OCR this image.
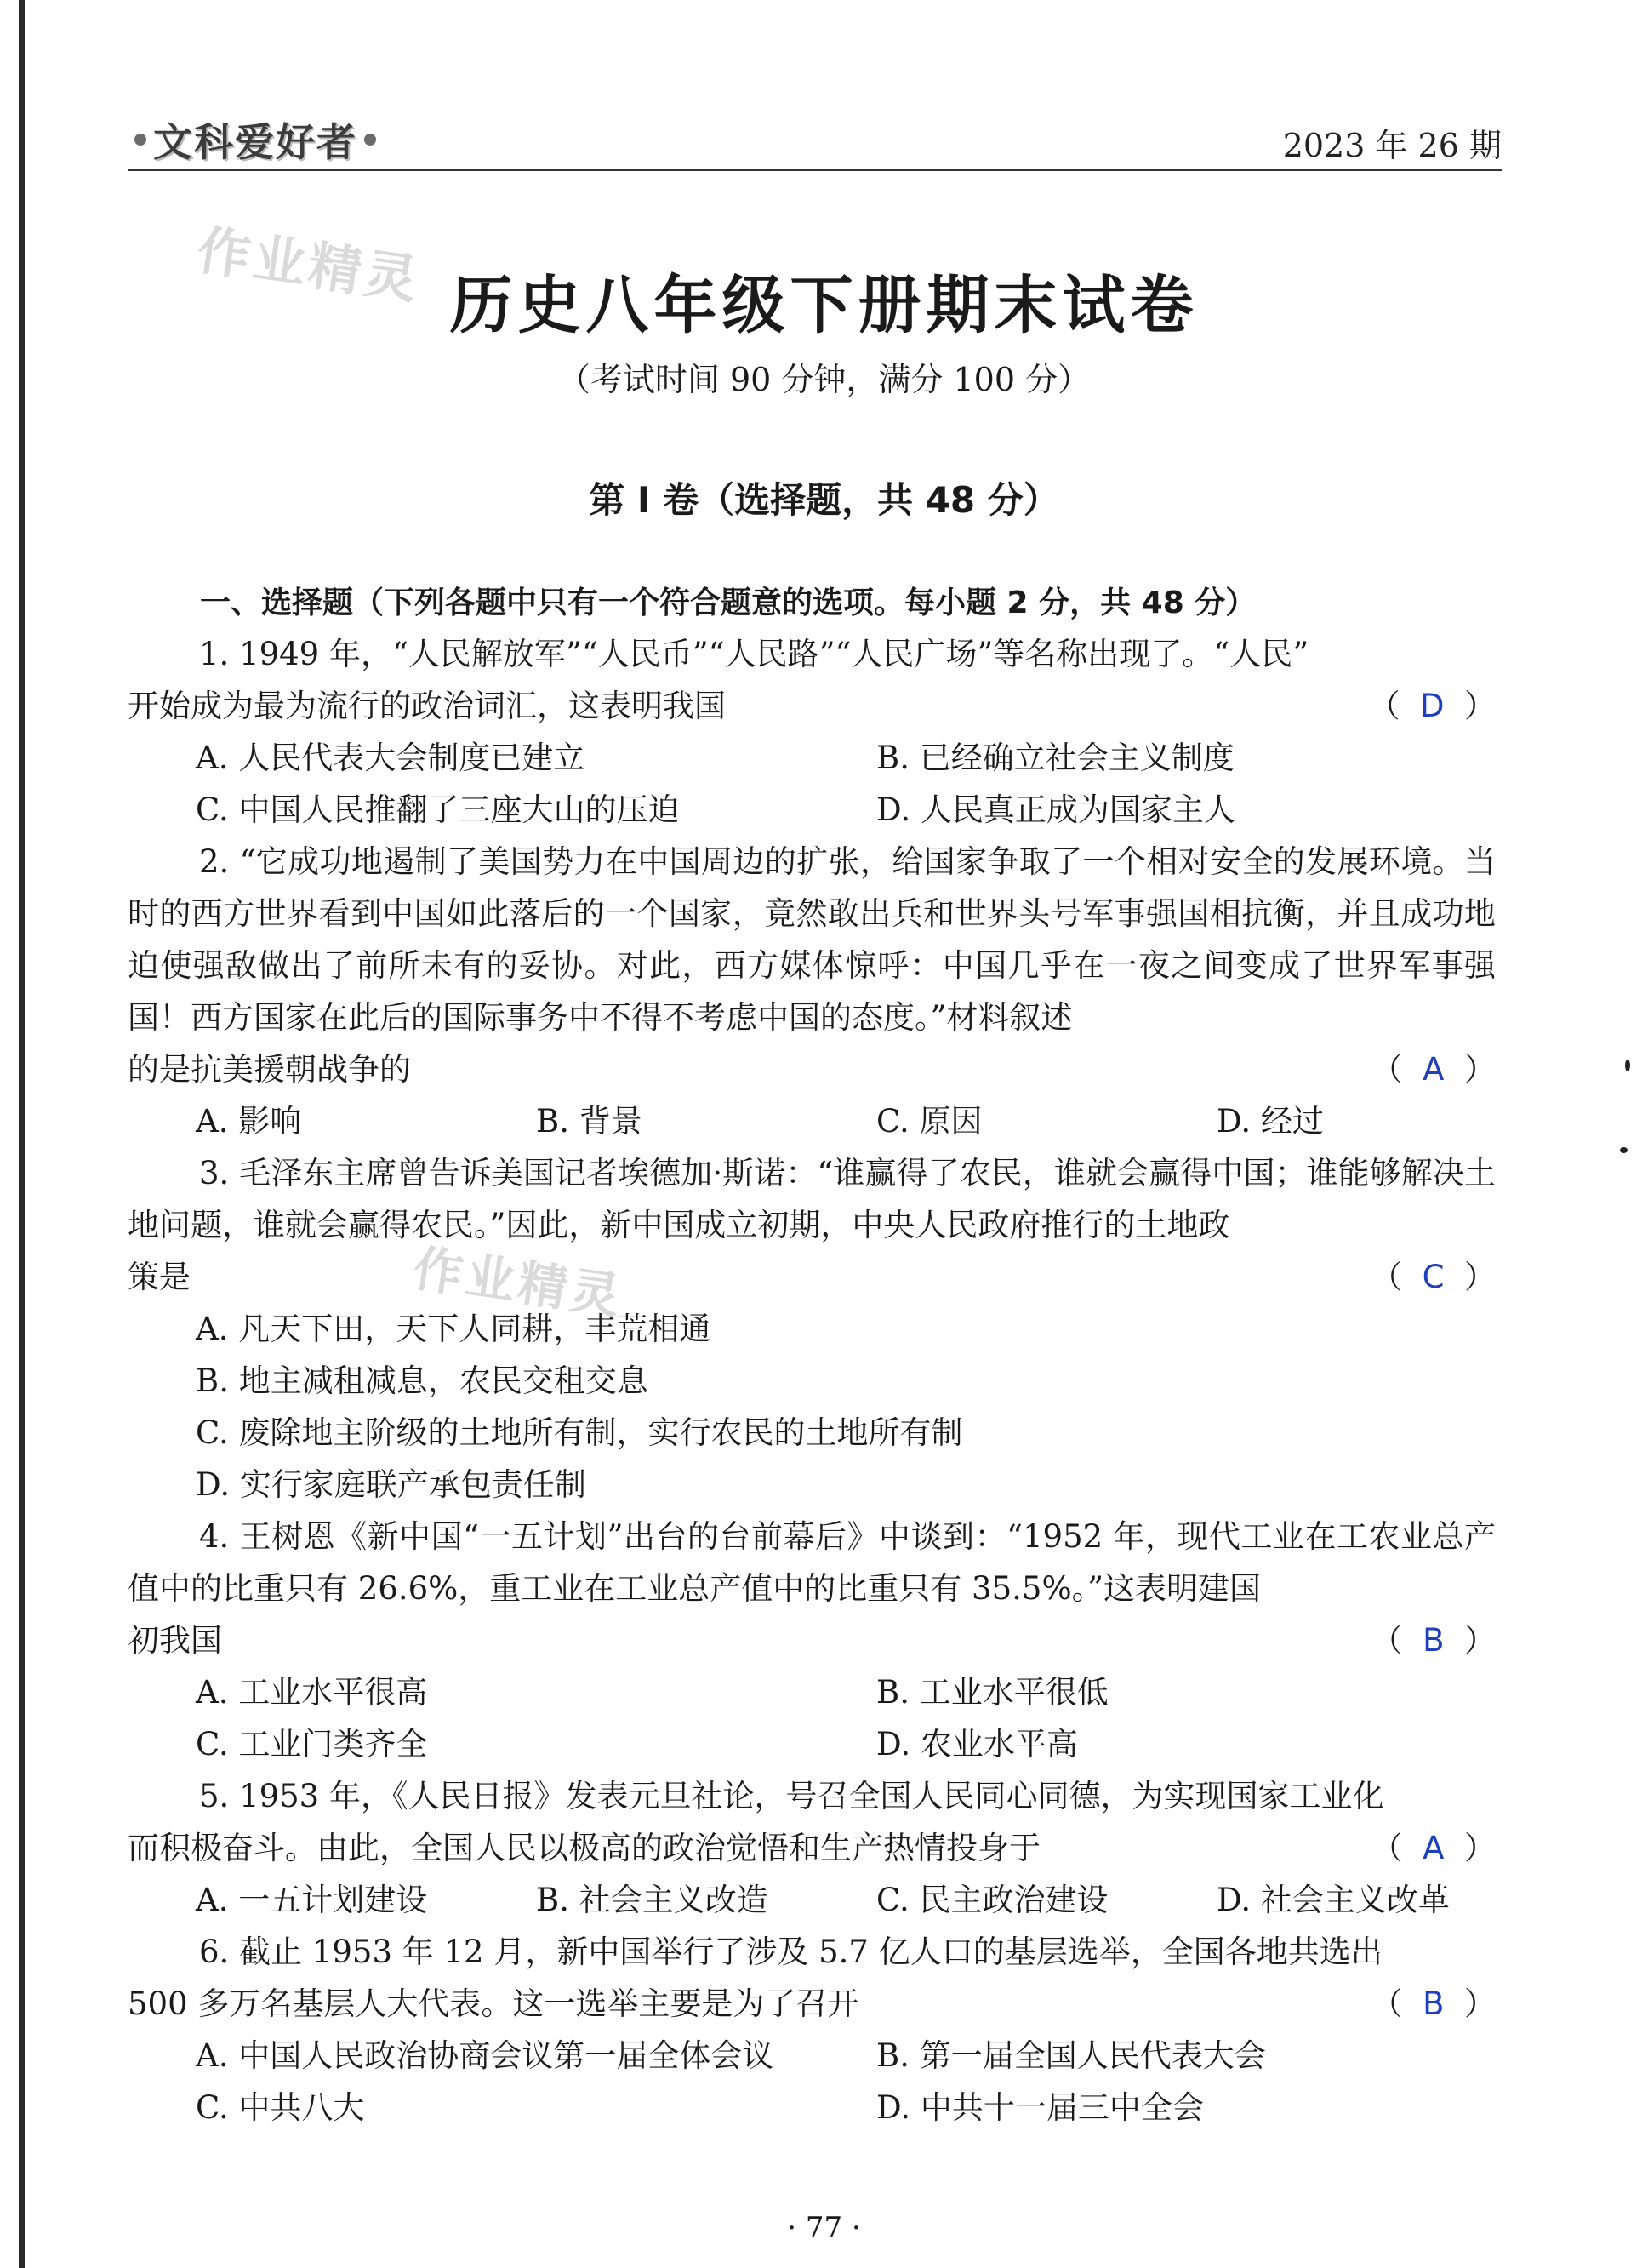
文科爱好者	2023 年 26 期
作业精灵
作业精灵
历史八年级下册期末试卷
（考试时间 90 分钟，满分 100 分）
第 I 卷（选择题，共 48 分）
一、选择题（下列各题中只有一个符合题意的选项。每小题 2 分，共 48 分）
1. 1949 年，“人民解放军”“人民币”“人民路”“人民广场”等名称出现了。“人民”
开始成为最为流行的政治词汇，这表明我国	（  D  ）
A. 人民代表大会制度已建立	B. 已经确立社会主义制度
C. 中国人民推翻了三座大山的压迫	D. 人民真正成为国家主人
2. “它成功地遏制了美国势力在中国周边的扩张，给国家争取了一个相对安全的发展环境。当时的西方世界看到中国如此落后的一个国家，竟然敢出兵和世界头号军事强国相抗衡，并且成功地迫使强敌做出了前所未有的妥协。对此，西方媒体惊呼：中国几乎在一夜之间变成了世界军事强国！西方国家在此后的国际事务中不得不考虑中国的态度。”材料叙述
的是抗美援朝战争的	（  A  ）
A. 影响	B. 背景	C. 原因	D. 经过
3. 毛泽东主席曾告诉美国记者埃德加·斯诺：“谁赢得了农民，谁就会赢得中国；谁能够解决土地问题，谁就会赢得农民。”因此，新中国成立初期，中央人民政府推行的土地政
策是	（  C  ）
A. 凡天下田，天下人同耕，丰荒相通
B. 地主减租减息，农民交租交息
C. 废除地主阶级的土地所有制，实行农民的土地所有制
D. 实行家庭联产承包责任制
4. 王树恩《新中国“一五计划”出台的台前幕后》中谈到：“1952 年，现代工业在工农业总产值中的比重只有 26.6%，重工业在工业总产值中的比重只有 35.5%。”这表明建国
初我国	（  B  ）
A. 工业水平很高	B. 工业水平很低
C. 工业门类齐全	D. 农业水平高
5. 1953 年，《人民日报》发表元旦社论，号召全国人民同心同德，为实现国家工业化
而积极奋斗。由此，全国人民以极高的政治觉悟和生产热情投身于	（  A  ）
A. 一五计划建设	B. 社会主义改造	C. 民主政治建设	D. 社会主义改革
6. 截止 1953 年 12 月，新中国举行了涉及 5.7 亿人口的基层选举，全国各地共选出
500 多万名基层人大代表。这一选举主要是为了召开	（  B  ）
A. 中国人民政治协商会议第一届全体会议	B. 第一届全国人民代表大会
C. 中共八大	D. 中共十一届三中全会
· 77 ·
